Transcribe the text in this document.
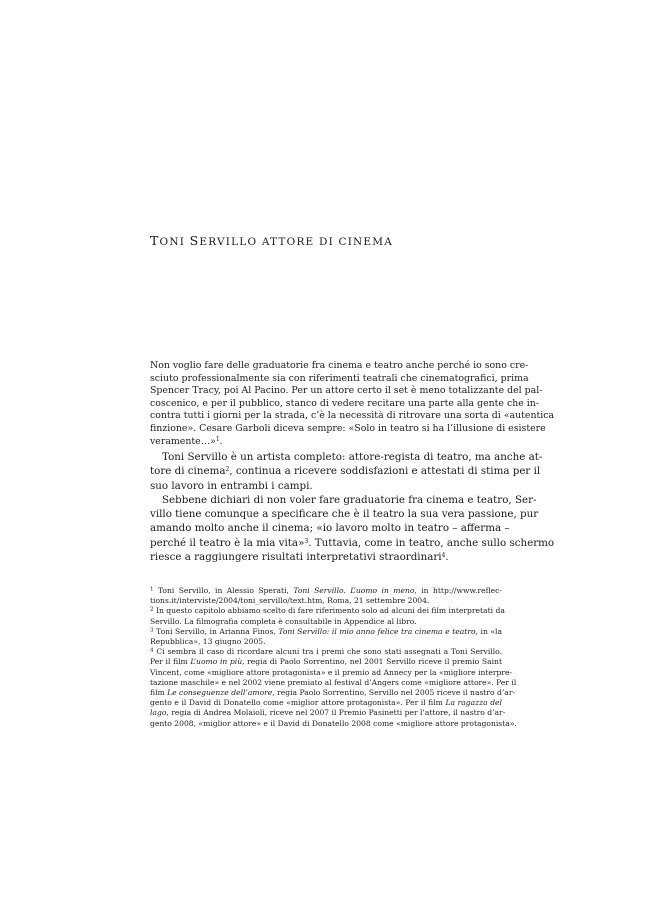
TONI SERVILLO ATTORE DI CINEMA
Non voglio fare delle graduatorie fra cinema e teatro anche perché io sono cre-
sciuto professionalmente sia con riferimenti teatrali che cinematografici, prima
Spencer Tracy, poi Al Pacino. Per un attore certo il set è meno totalizzante del pal-
coscenico, e per il pubblico, stanco di vedere recitare una parte alla gente che in-
contra tutti i giorni per la strada, c’è la necessità di ritrovare una sorta di «autentica
finzione». Cesare Garboli diceva sempre: «Solo in teatro si ha l’illusione di esistere
veramente…»$^1$.
Toni Servillo è un artista completo: attore-regista di teatro, ma anche at-
tore di cinema$^2$, continua a ricevere soddisfazioni e attestati di stima per il
suo lavoro in entrambi i campi.
Sebbene dichiari di non voler fare graduatorie fra cinema e teatro, Ser-
villo tiene comunque a specificare che è il teatro la sua vera passione, pur
amando molto anche il cinema; «io lavoro molto in teatro – afferma –
perché il teatro è la mia vita»$^3$. Tuttavia, come in teatro, anche sullo schermo
riesce a raggiungere risultati interpretativi straordinari$^4$.
$^1$ Toni Servillo, in Alessio Sperati, Toni Servillo. L’uomo in meno, in http://www.reflec-
tions.it/interviste/2004/toni_servillo/text.htm, Roma, 21 settembre 2004.
$^2$ In questo capitolo abbiamo scelto di fare riferimento solo ad alcuni dei film interpretati da
Servillo. La filmografia completa è consultabile in Appendice al libro.
$^3$ Toni Servillo, in Arianna Finos, Toni Servillo: il mio anno felice tra cinema e teatro, in «la
Repubblica», 13 giugno 2005.
$^4$ Ci sembra il caso di ricordare alcuni tra i premi che sono stati assegnati a Toni Servillo.
Per il film L’uomo in più, regia di Paolo Sorrentino, nel 2001 Servillo riceve il premio Saint
Vincent, come «migliore attore protagonista» e il premio ad Annecy per la «migliore interpre-
tazione maschile» e nel 2002 viene premiato al festival d’Angers come «migliore attore». Per il
film Le conseguenze dell’amore, regia Paolo Sorrentino, Servillo nel 2005 riceve il nastro d’ar-
gento e il David di Donatello come «miglior attore protagonista». Per il film La ragazza del
lago, regia di Andrea Molaioli, riceve nel 2007 il Premio Pasinetti per l’attore, il nastro d’ar-
gento 2008, «miglior attore» e il David di Donatello 2008 come «migliore attore protagonista».
